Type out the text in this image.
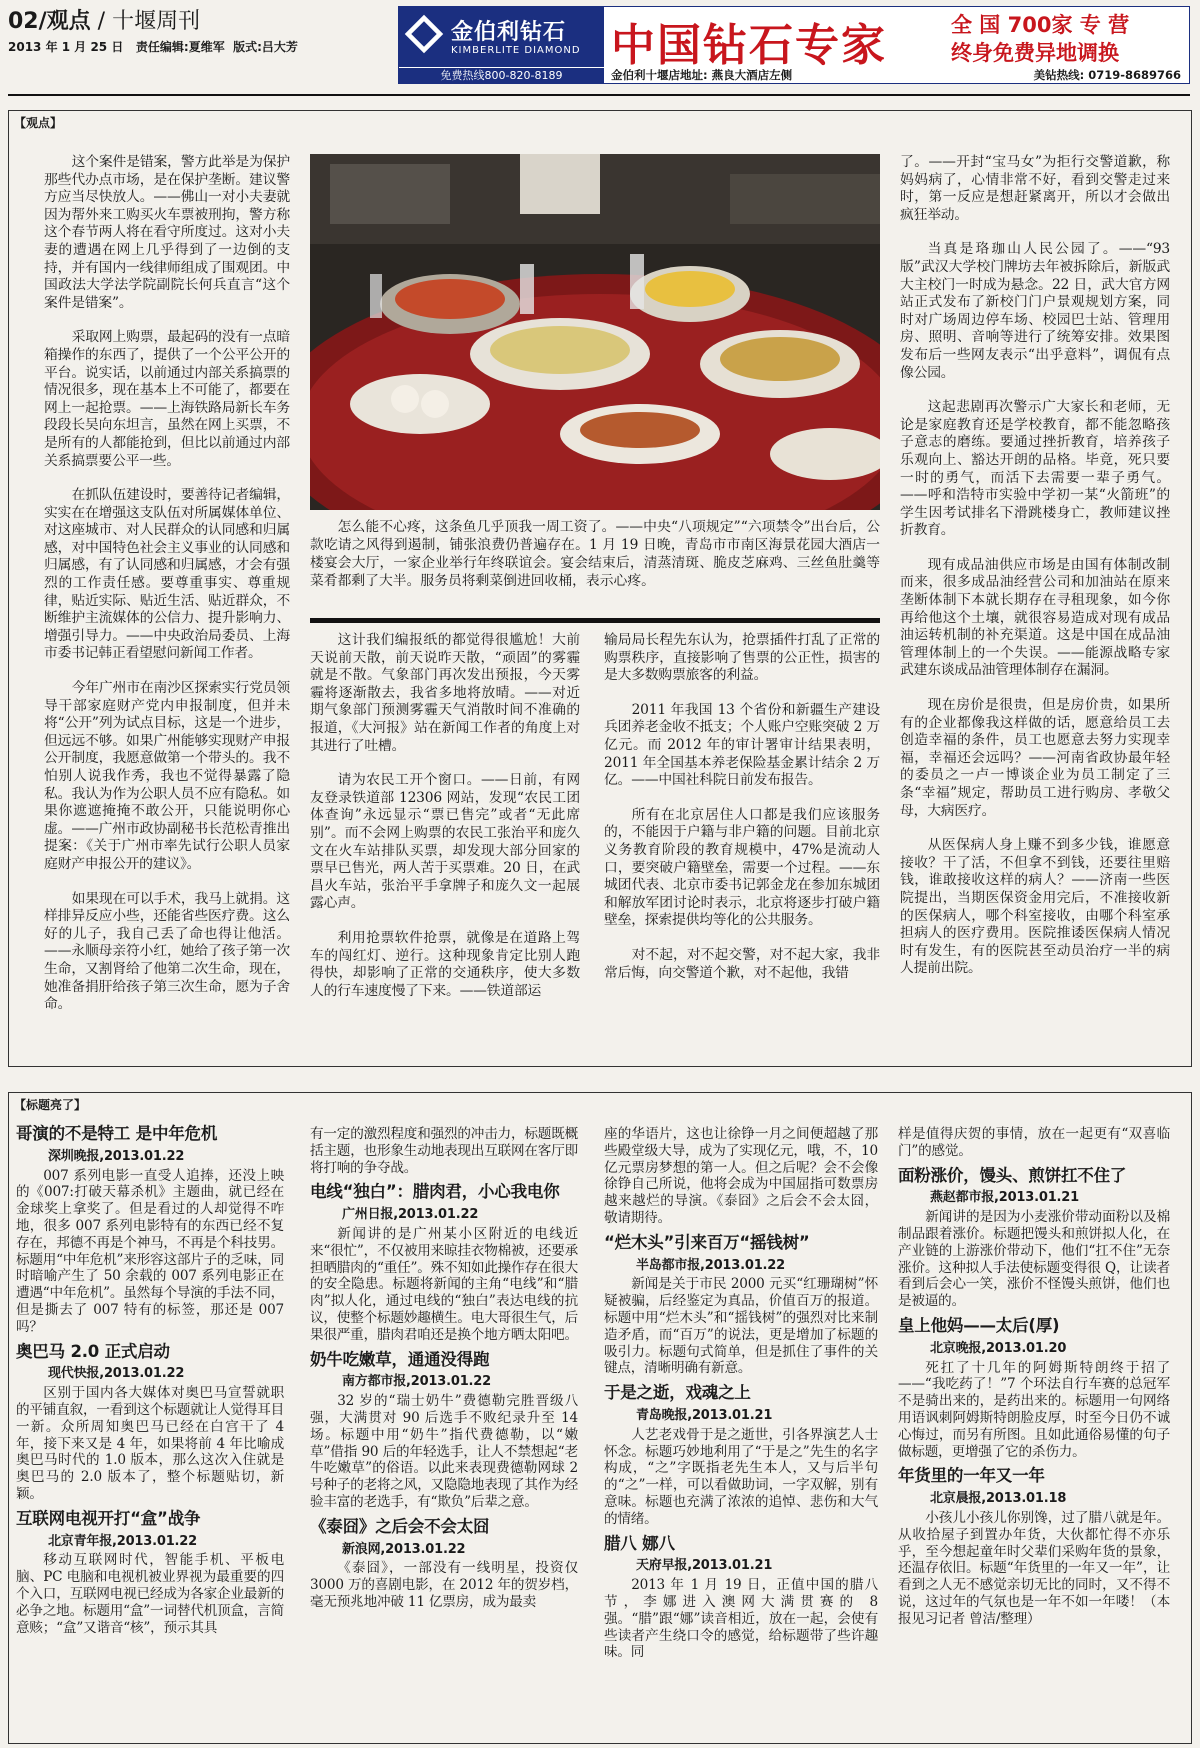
02/观点 / 十堰周刊
2013 年 1 月 25 日 责任编辑:夏维军 版式:吕大芳
金伯利钻石
KIMBERLITE DIAMOND
免费热线800-820-8189
中国钻石专家	全 国 700家 专 营
终身免费异地调换
金伯利十堰店地址: 燕良大酒店左侧	美钻热线: 0719-8689766
【观点】

这个案件是错案，警方此举是为保护那些代办点市场，是在保护垄断。建议警方应当尽快放人。——佛山一对小夫妻就因为帮外来工购买火车票被刑拘，警方称这个春节两人将在看守所度过。这对小夫妻的遭遇在网上几乎得到了一边倒的支持，并有国内一线律师组成了围观团。中国政法大学法学院副院长何兵直言“这个案件是错案”。

采取网上购票，最起码的没有一点暗箱操作的东西了，提供了一个公平公开的平台。说实话，以前通过内部关系搞票的情况很多，现在基本上不可能了，都要在网上一起抢票。——上海铁路局新长车务段段长吴向东坦言，虽然在网上买票，不是所有的人都能抢到，但比以前通过内部关系搞票要公平一些。

在抓队伍建设时，要善待记者编辑，实实在在增强这支队伍对所属媒体单位、对这座城市、对人民群众的认同感和归属感，对中国特色社会主义事业的认同感和归属感，有了认同感和归属感，才会有强烈的工作责任感。要尊重事实、尊重规律，贴近实际、贴近生活、贴近群众，不断维护主流媒体的公信力、提升影响力、增强引导力。——中央政治局委员、上海市委书记韩正看望慰问新闻工作者。

今年广州市在南沙区探索实行党员领导干部家庭财产党内申报制度，但并未将“公开”列为试点目标，这是一个进步，但远远不够。如果广州能够实现财产申报公开制度，我愿意做第一个带头的。我不怕别人说我作秀，我也不觉得暴露了隐私。我认为作为公职人员不应有隐私。如果你遮遮掩掩不敢公开，只能说明你心虚。——广州市政协副秘书长范松青推出提案：《关于广州市率先试行公职人员家庭财产申报公开的建议》。

如果现在可以手术，我马上就捐。这样排异反应小些，还能省些医疗费。这么好的儿子，我自己丢了命也得让他活。——永顺母亲符小红，她给了孩子第一次生命，又割肾给了他第二次生命，现在，她准备捐肝给孩子第三次生命，愿为子舍命。

怎么能不心疼，这条鱼几乎顶我一周工资了。——中央“八项规定”“六项禁令”出台后，公款吃请之风得到遏制，铺张浪费仍普遍存在。1 月 19 日晚，青岛市市南区海景花园大酒店一楼宴会大厅，一家企业举行年终联谊会。宴会结束后，清蒸清斑、脆皮芝麻鸡、三丝鱼肚羹等菜肴都剩了大半。服务员将剩菜倒进回收桶，表示心疼。

这计我们编报纸的都觉得很尴尬！大前天说前天散，前天说昨天散，“顽固”的雾霾就是不散。气象部门再次发出预报，今天雾霾将逐渐散去，我省多地将放晴。——对近期气象部门预测雾霾天气消散时间不准确的报道，《大河报》站在新闻工作者的角度上对其进行了吐槽。

请为农民工开个窗口。——日前，有网友登录铁道部 12306 网站，发现“农民工团体查询”永远显示“票已售完”或者“无此席别”。而不会网上购票的农民工张治平和庞久文在火车站排队买票，却发现大部分回家的票早已售光，两人苦于买票难。20 日，在武昌火车站，张治平手拿牌子和庞久文一起展露心声。

利用抢票软件抢票，就像是在道路上驾车的闯红灯、逆行。这种现象肯定比别人跑得快，却影响了正常的交通秩序，使大多数人的行车速度慢了下来。——铁道部运

输局局长程先东认为，抢票插件打乱了正常的购票秩序，直接影响了售票的公正性，损害的是大多数购票旅客的利益。

2011 年我国 13 个省份和新疆生产建设兵团养老金收不抵支；个人账户空账突破 2 万亿元。而 2012 年的审计署审计结果表明，2011 年全国基本养老保险基金累计结余 2 万亿。——中国社科院日前发布报告。

所有在北京居住人口都是我们应该服务的，不能因于户籍与非户籍的问题。目前北京义务教育阶段的教育规模中，47%是流动人口，要突破户籍壁垒，需要一个过程。——东城团代表、北京市委书记郭金龙在参加东城团和解放军团讨论时表示，北京将逐步打破户籍壁垒，探索提供均等化的公共服务。

对不起，对不起交警，对不起大家，我非常后悔，向交警道个歉，对不起他，我错

了。——开封“宝马女”为拒行交警道歉，称妈妈病了，心情非常不好，看到交警走过来时，第一反应是想赶紧离开，所以才会做出疯狂举动。

当真是珞珈山人民公园了。——“93 版”武汉大学校门牌坊去年被拆除后，新版武大主校门一时成为悬念。22 日，武大官方网站正式发布了新校门门户景观规划方案，同时对广场周边停车场、校园巴士站、管理用房、照明、音响等进行了统筹安排。效果图发布后一些网友表示“出乎意料”，调侃有点像公园。

这起悲剧再次警示广大家长和老师，无论是家庭教育还是学校教育，都不能忽略孩子意志的磨练。要通过挫折教育，培养孩子乐观向上、豁达开朗的品格。毕竟，死只要一时的勇气，而活下去需要一辈子勇气。——呼和浩特市实验中学初一某“火箭班”的学生因考试排名下滑跳楼身亡，教师建议挫折教育。

现有成品油供应市场是由国有体制改制而来，很多成品油经营公司和加油站在原来垄断体制下本就长期存在寻租现象，如今你再给他这个土壤，就很容易造成对现有成品油运转机制的补充渠道。这是中国在成品油管理体制上的一个失误。——能源战略专家武建东谈成品油管理体制存在漏洞。

现在房价是很贵，但是房价贵，如果所有的企业都像我这样做的话，愿意给员工去创造幸福的条件，员工也愿意去努力实现幸福，幸福还会远吗？——河南省政协最年轻的委员之一卢一博谈企业为员工制定了三条“幸福”规定，帮助员工进行购房、孝敬父母，大病医疗。

从医保病人身上赚不到多少钱，谁愿意接收？干了活，不但拿不到钱，还要往里赔钱，谁敢接收这样的病人？——济南一些医院提出，当期医保资金用完后，不准接收新的医保病人，哪个科室接收，由哪个科室承担病人的医疗费用。医院推诿医保病人情况时有发生，有的医院甚至动员治疗一半的病人提前出院。

【标题亮了】
哥演的不是特工 是中年危机
深圳晚报,2013.01.22

007 系列电影一直受人追捧，还没上映的《007:打破天幕杀机》主题曲，就已经在金球奖上拿奖了。但是看过的人却觉得不咋地，很多 007 系列电影特有的东西已经不复存在，邦德不再是个神马，不再是个科技男。标题用“中年危机”来形容这部片子的乏味，同时暗喻产生了 50 余载的 007 系列电影正在遭遇“中年危机”。虽然每个导演的手法不同，但是撕去了 007 特有的标签，那还是 007 吗？

奥巴马 2.0 正式启动
现代快报,2013.01.22

区别于国内各大媒体对奥巴马宣誓就职的平铺直叙，一看到这个标题就让人觉得耳目一新。众所周知奥巴马已经在白宫干了 4 年，接下来又是 4 年，如果将前 4 年比喻成奥巴马时代的 1.0 版本，那么这次入住就是奥巴马的 2.0 版本了，整个标题贴切，新颖。

互联网电视开打“盒”战争
北京青年报,2013.01.22

移动互联网时代，智能手机、平板电脑、PC 电脑和电视机被业界视为最重要的四个入口，互联网电视已经成为各家企业最新的必争之地。标题用“盒”一词替代机顶盒，言简意赅；“盒”又谐音“核”，预示其具

有一定的激烈程度和强烈的冲击力，标题既概括主题，也形象生动地表现出互联网在客厅即将打响的争夺战。

电线“独白”：腊肉君，小心我电你
广州日报,2013.01.22

新闻讲的是广州某小区附近的电线近来“很忙”，不仅被用来晾挂衣物棉被，还要承担晒腊肉的“重任”。殊不知如此操作存在很大的安全隐患。标题将新闻的主角“电线”和“腊肉”拟人化，通过电线的“独白”表达电线的抗议，使整个标题妙趣横生。电大哥很生气，后果很严重，腊肉君咱还是换个地方晒太阳吧。

奶牛吃嫩草，通通没得跑
南方都市报,2013.01.22

32 岁的“瑞士奶牛”费德勒完胜晋级八强，大满贯对 90 后选手不败纪录升至 14 场。标题中用“奶牛”指代费德勒，以“嫩草”借指 90 后的年轻选手，让人不禁想起“老牛吃嫩草”的俗语。以此来表现费德勒网球 2 号种子的老将之风，又隐隐地表现了其作为经验丰富的老选手，有“欺负”后辈之意。

《泰囧》之后会不会太囧
新浪网,2013.01.22

《泰囧》，一部没有一线明星，投资仅 3000 万的喜剧电影，在 2012 年的贺岁档，毫无预兆地冲破 11 亿票房，成为最卖

座的华语片，这也让徐铮一月之间便超越了那些殿堂级大导，成为了实现亿元，哦，不，10 亿元票房梦想的第一人。但之后呢？会不会像徐铮自己所说，他将会成为中国屈指可数票房越来越烂的导演。《泰囧》之后会不会太囧，敬请期待。

“烂木头”引来百万“摇钱树”
半岛都市报,2013.01.22

新闻是关于市民 2000 元买“红珊瑚树”怀疑被骗，后经鉴定为真品，价值百万的报道。标题中用“烂木头”和“摇钱树”的强烈对比来制造矛盾，而“百万”的说法，更是增加了标题的吸引力。标题句式简单，但是抓住了事件的关键点，清晰明确有新意。

于是之逝，戏魂之上
青岛晚报,2013.01.21

人艺老戏骨于是之逝世，引各界演艺人士怀念。标题巧妙地利用了“于是之”先生的名字构成，“之”字既指老先生本人，又与后半句的“之”一样，可以看做助词，一字双解，别有意味。标题也充满了浓浓的追悼、悲伤和大气的情绪。

腊八 娜八
天府早报,2013.01.21

2013 年 1 月 19 日，正值中国的腊八节，李娜进入澳网大满贯赛的 8 强。“腊”跟“娜”读音相近，放在一起，会使有些读者产生绕口令的感觉，给标题带了些许趣味。同

样是值得庆贺的事情，放在一起更有“双喜临门”的感觉。

面粉涨价，馒头、煎饼扛不住了
燕赵都市报,2013.01.21

新闻讲的是因为小麦涨价带动面粉以及棉制品跟着涨价。标题把馒头和煎饼拟人化，在产业链的上游涨价带动下，他们“扛不住”无奈涨价。这种拟人手法使标题变得很 Q，让读者看到后会心一笑，涨价不怪馒头煎饼，他们也是被逼的。

皇上他妈——太后(厚)
北京晚报,2013.01.20

死扛了十几年的阿姆斯特朗终于招了——“我吃药了！”7 个环法自行车赛的总冠军不是骑出来的，是药出来的。标题用一句网络用语讽刺阿姆斯特朗脸皮厚，时至今日仍不诚心悔过，而另有所图。且如此通俗易懂的句子做标题，更增强了它的杀伤力。

年货里的一年又一年
北京晨报,2013.01.18

小孩儿小孩儿你别馋，过了腊八就是年。从收拾屋子到置办年货，大伙都忙得不亦乐乎，至今想起童年时父辈们采购年货的景象，还温存依旧。标题“年货里的一年又一年”，让看到之人无不感觉亲切无比的同时，又不得不说，这过年的气氛也是一年不如一年喽！（本报见习记者 曾洁/整理）
